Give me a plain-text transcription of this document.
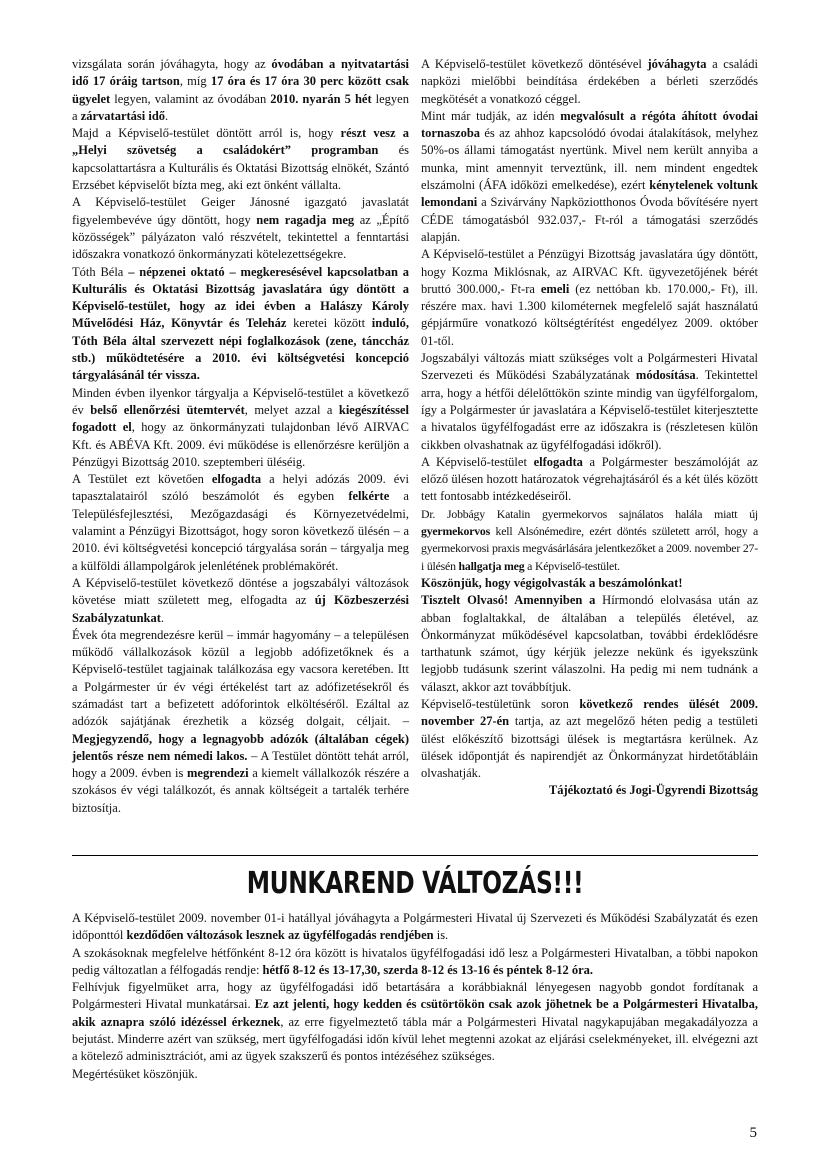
vizsgálata során jóváhagyta, hogy az óvodában a nyitvatartási idő 17 óráig tartson, míg 17 óra és 17 óra 30 perc között csak ügyelet legyen, valamint az óvodában 2010. nyarán 5 hét legyen a zárvatartási idő.

Majd a Képviselő-testület döntött arról is, hogy részt vesz a „Helyi szövetség a családokért” programban és kapcsolattartásra a Kulturális és Oktatási Bizottság elnökét, Szántó Erzsébet képviselőt bízta meg, aki ezt önként vállalta.

A Képviselő-testület Geiger Jánosné igazgató javaslatát figyelembevéve úgy döntött, hogy nem ragadja meg az „Építő közösségek” pályázaton való részvételt, tekintettel a fenntartási időszakra vonatkozó önkormányzati kötelezettségekre.

Tóth Béla – népzenei oktató – megkeresésével kapcsolatban a Kulturális és Oktatási Bizottság javaslatára úgy döntött a Képviselő-testület, hogy az idei évben a Halászy Károly Művelődési Ház, Könyvtár és Teleház keretei között induló, Tóth Béla által szervezett népi foglalkozások (zene, tánccház stb.) működtetésére a 2010. évi költségvetési koncepció tárgyalásánál tér vissza.

Minden évben ilyenkor tárgyalja a Képviselő-testület a következő év belső ellenőrzési ütemtervét, melyet azzal a kiegészítéssel fogadott el, hogy az önkormányzati tulajdonban lévő AIRVAC Kft. és ABÉVA Kft. 2009. évi működése is ellenőrzésre kerüljön a Pénzügyi Bizottság 2010. szeptemberi üléséig.

A Testület ezt követően elfogadta a helyi adózás 2009. évi tapasztalatairól szóló beszámolót és egyben felkérte a Településfejlesztési, Mezőgazdasági és Környezetvédelmi, valamint a Pénzügyi Bizottságot, hogy soron következő ülésén – a 2010. évi költségvetési koncepció tárgyalása során – tárgyalja meg a külföldi állampolgárok jelenlétének problémakörét.

A Képviselő-testület következő döntése a jogszabályi változások követése miatt született meg, elfogadta az új Közbeszerzési Szabályzatunkat.

Évek óta megrendezésre kerül – immár hagyomány – a településen működő vállalkozások közül a legjobb adófizetőknek és a Képviselő-testület tagjainak találkozása egy vacsora keretében. Itt a Polgármester úr év végi értékelést tart az adófizetésekről és számadást tart a befizetett adóforintok elköltéséről. Ezáltal az adózók sajátjának érezhetik a község dolgait, céljait. – Megjegyzendő, hogy a legnagyobb adózók (általában cégek) jelentős része nem némedi lakos. – A Testület döntött tehát arról, hogy a 2009. évben is megrendezi a kiemelt vállalkozók részére a szokásos év végi találkozót, és annak költségeit a tartalék terhére biztosítja.

A Képviselő-testület következő döntésével jóváhagyta a családi napközi mielőbbi beindítása érdekében a bérleti szerződés megkötését a vonatkozó céggel.

Mint már tudják, az idén megvalósult a régóta áhított óvodai tornaszoba és az ahhoz kapcsolódó óvodai átalakítások, melyhez 50%-os állami támogatást nyertünk. Mivel nem került annyiba a munka, mint amennyit terveztünk, ill. nem mindent engedtek elszámolni (ÁFA időközi emelkedése), ezért kénytelenek voltunk lemondani a Szivárvány Napköziotthonos Óvoda bővítésére nyert CÉDE támogatásból 932.037,- Ft-ról a támogatási szerződés alapján.

A Képviselő-testület a Pénzügyi Bizottság javaslatára úgy döntött, hogy Kozma Miklósnak, az AIRVAC Kft. ügyvezetőjének bérét bruttó 300.000,- Ft-ra emeli (ez nettóban kb. 170.000,- Ft), ill. részére max. havi 1.300 kilométernek megfelelő saját használatú gépjárműre vonatkozó költségtérítést engedélyez 2009. október 01-től.

Jogszabályi változás miatt szükséges volt a Polgármesteri Hivatal Szervezeti és Működési Szabályzatának módosítása. Tekintettel arra, hogy a hétfői délelőttökön szinte mindig van ügyfélforgalom, így a Polgármester úr javaslatára a Képviselő-testület kiterjesztette a hivatalos ügyfélfogadást erre az időszakra is (részletesen külön cikkben olvashatnak az ügyfélfogadási időkről).

A Képviselő-testület elfogadta a Polgármester beszámolóját az előző ülésen hozott határozatok végrehajtásáról és a két ülés között tett fontosabb intézkedéseiről.

Dr. Jobbágy Katalin gyermekorvos sajnálatos halála miatt új gyermekorvos kell Alsónémedire, ezért döntés született arról, hogy a gyermekorvosi praxis megvásárlására jelentkezőket a 2009. november 27-i ülésén hallgatja meg a Képviselő-testület.

Köszönjük, hogy végigolvasták a beszámolónkat!

Tisztelt Olvasó! Amennyiben a Hírmondó elolvasása után az abban foglaltakkal, de általában a település életével, az Önkormányzat működésével kapcsolatban, további érdeklődésre tarthatunk számot, úgy kérjük jelezze nekünk és igyekszünk legjobb tudásunk szerint válaszolni. Ha pedig mi nem tudnánk a választ, akkor azt továbbítjuk.

Képviselő-testületünk soron következő rendes ülését 2009. november 27-én tartja, az azt megelőző héten pedig a testületi ülést előkészítő bizottsági ülések is megtartásra kerülnek. Az ülések időpontját és napirendjét az Önkormányzat hirdetőtábláin olvashatják.

Tájékoztató és Jogi-Ügyrendi Bizottság

MUNKAREND VÁLTOZÁS!!!

A Képviselő-testület 2009. november 01-i hatállyal jóváhagyta a Polgármesteri Hivatal új Szervezeti és Működési Szabályzatát és ezen időponttól kezdődően változások lesznek az ügyfélfogadás rendjében is.

A szokásoknak megfelelve hétfőnként 8-12 óra között is hivatalos ügyfélfogadási idő lesz a Polgármesteri Hivatalban, a többi napokon pedig változatlan a félfogadás rendje: hétfő 8-12 és 13-17,30, szerda 8-12 és 13-16 és péntek 8-12 óra.

Felhívjuk figyelmüket arra, hogy az ügyfélfogadási idő betartására a korábbiaknál lényegesen nagyobb gondot fordítanak a Polgármesteri Hivatal munkatársai. Ez azt jelenti, hogy kedden és csütörtökön csak azok jöhetnek be a Polgármesteri Hivatalba, akik aznapra szóló idézéssel érkeznek, az erre figyelmeztető tábla már a Polgármesteri Hivatal nagykapujában megakadályozza a bejutást. Minderre azért van szükség, mert ügyfélfogadási időn kívül lehet megtenni azokat az eljárási cselekményeket, ill. elvégezni azt a kötelező adminisztrációt, ami az ügyek szakszerű és pontos intézéséhez szükséges.

Megértésüket köszönjük.

5
